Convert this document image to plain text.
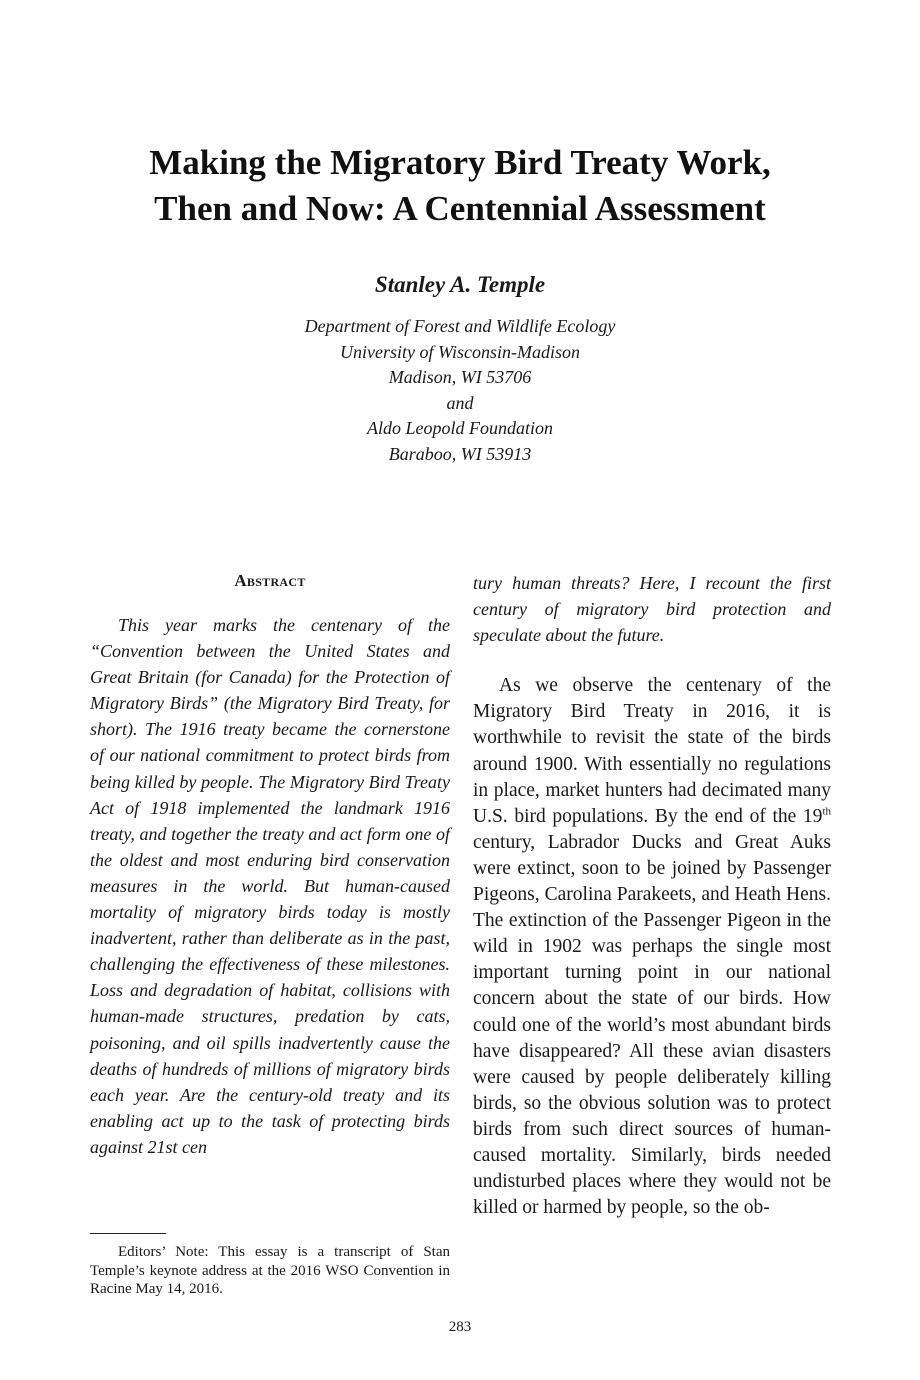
Making the Migratory Bird Treaty Work,
Then and Now: A Centennial Assessment
Stanley A. Temple
Department of Forest and Wildlife Ecology
University of Wisconsin-Madison
Madison, WI 53706
and
Aldo Leopold Foundation
Baraboo, WI 53913
Abstract

This year marks the centenary of the “Convention between the United States and Great Britain (for Canada) for the Protection of Migratory Birds” (the Migratory Bird Treaty, for short). The 1916 treaty became the cornerstone of our national commitment to protect birds from being killed by people. The Migratory Bird Treaty Act of 1918 implemented the landmark 1916 treaty, and together the treaty and act form one of the oldest and most enduring bird conservation measures in the world. But human-caused mortality of migratory birds today is mostly inadvertent, rather than deliberate as in the past, challenging the effectiveness of these milestones. Loss and degradation of habitat, collisions with human-made structures, predation by cats, poisoning, and oil spills inadvertently cause the deaths of hundreds of millions of migratory birds each year. Are the century-old treaty and its enabling act up to the task of protecting birds against 21st cen

Editors’ Note: This essay is a transcript of Stan Temple’s keynote address at the 2016 WSO Convention in Racine May 14, 2016.

tury human threats? Here, I recount the first century of migratory bird protection and speculate about the future.

As we observe the centenary of the Migratory Bird Treaty in 2016, it is worthwhile to revisit the state of the birds around 1900. With essentially no regulations in place, market hunters had decimated many U.S. bird populations. By the end of the 19th century, Labrador Ducks and Great Auks were extinct, soon to be joined by Passenger Pigeons, Carolina Parakeets, and Heath Hens. The extinction of the Passenger Pigeon in the wild in 1902 was perhaps the single most important turning point in our national concern about the state of our birds. How could one of the world’s most abundant birds have disappeared? All these avian disasters were caused by people deliberately killing birds, so the obvious solution was to protect birds from such direct sources of human-caused mortality. Similarly, birds needed undisturbed places where they would not be killed or harmed by people, so the ob-

283
